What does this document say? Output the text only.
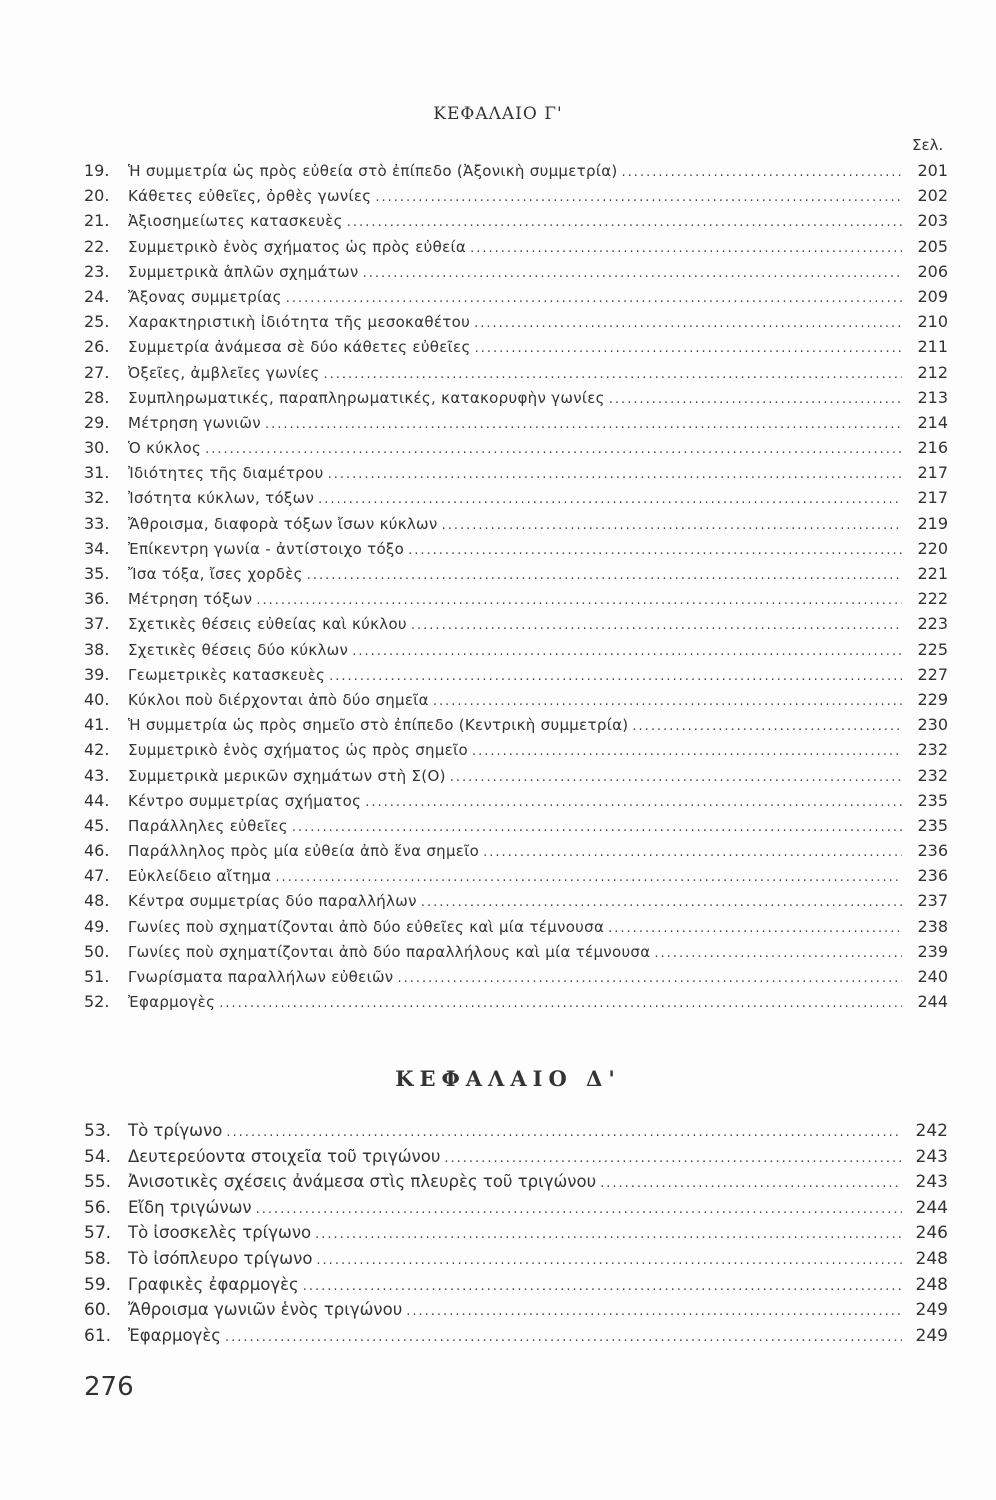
ΚΕΦΑΛΑΙΟ Γ'
Σελ.
19.	Ἡ συμμετρία ὡς πρὸς εὐθεία στὸ ἐπίπεδο (Ἀξονικὴ συμμετρία) .....	201
20.	Κάθετες εὐθεῖες, ὀρθὲς γωνίες .....	202
21.	Ἀξιοσημείωτες κατασκευὲς .....	203
22.	Συμμετρικὸ ἑνὸς σχήματος ὡς πρὸς εὐθεία .....	205
23.	Συμμετρικὰ ἁπλῶν σχημάτων .....	206
24.	Ἄξονας συμμετρίας .....	209
25.	Χαρακτηριστικὴ ἰδιότητα τῆς μεσοκαθέτου .....	210
26.	Συμμετρία ἀνάμεσα σὲ δύο κάθετες εὐθεῖες .....	211
27.	Ὀξεῖες, ἀμβλεῖες γωνίες .....	212
28.	Συμπληρωματικές, παραπληρωματικές, κατακορυφὴν γωνίες .....	213
29.	Μέτρηση γωνιῶν .....	214
30.	Ὁ κύκλος .....	216
31.	Ἰδιότητες τῆς διαμέτρου .....	217
32.	Ἰσότητα κύκλων, τόξων .....	217
33.	Ἄθροισμα, διαφορὰ τόξων ἴσων κύκλων .....	219
34.	Ἐπίκεντρη γωνία - ἀντίστοιχο τόξο .....	220
35.	Ἴσα τόξα, ἴσες χορδὲς .....	221
36.	Μέτρηση τόξων .....	222
37.	Σχετικὲς θέσεις εὐθείας καὶ κύκλου .....	223
38.	Σχετικὲς θέσεις δύο κύκλων .....	225
39.	Γεωμετρικὲς κατασκευὲς .....	227
40.	Κύκλοι ποὺ διέρχονται ἀπὸ δύο σημεῖα .....	229
41.	Ἡ συμμετρία ὡς πρὸς σημεῖο στὸ ἐπίπεδο (Κεντρικὴ συμμετρία) .....	230
42.	Συμμετρικὸ ἑνὸς σχήματος ὡς πρὸς σημεῖο .....	232
43.	Συμμετρικὰ μερικῶν σχημάτων στὴ Σ(Ο) .....	232
44.	Κέντρο συμμετρίας σχήματος .....	235
45.	Παράλληλες εὐθεῖες .....	235
46.	Παράλληλος πρὸς μία εὐθεία ἀπὸ ἕνα σημεῖο .....	236
47.	Εὐκλείδειο αἴτημα .....	236
48.	Κέντρα συμμετρίας δύο παραλλήλων .....	237
49.	Γωνίες ποὺ σχηματίζονται ἀπὸ δύο εὐθεῖες καὶ μία τέμνουσα .....	238
50.	Γωνίες ποὺ σχηματίζονται ἀπὸ δύο παραλλήλους καὶ μία τέμνουσα .....	239
51.	Γνωρίσματα παραλλήλων εὐθειῶν .....	240
52.	Ἐφαρμογὲς .....	244
ΚΕΦΑΛΑΙΟ Δ'
53.	Τὸ τρίγωνο .....	242
54.	Δευτερεύοντα στοιχεῖα τοῦ τριγώνου .....	243
55.	Ἀνισοτικὲς σχέσεις ἀνάμεσα στὶς πλευρὲς τοῦ τριγώνου .....	243
56.	Εἴδη τριγώνων .....	244
57.	Τὸ ἰσοσκελὲς τρίγωνο .....	246
58.	Τὸ ἰσόπλευρο τρίγωνο .....	248
59.	Γραφικὲς ἐφαρμογὲς .....	248
60.	Ἄθροισμα γωνιῶν ἑνὸς τριγώνου .....	249
61.	Ἐφαρμογὲς .....	249
276
